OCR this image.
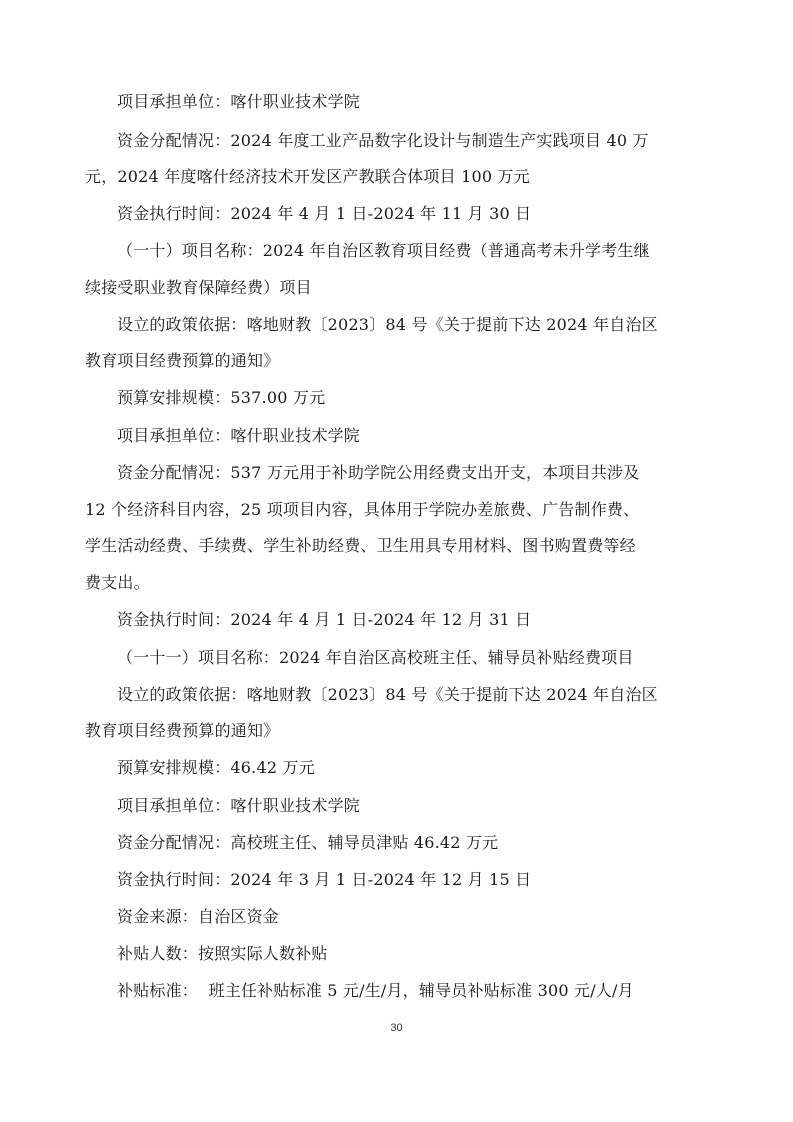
项目承担单位：喀什职业技术学院
资金分配情况：2024 年度工业产品数字化设计与制造生产实践项目 40 万
元，2024 年度喀什经济技术开发区产教联合体项目 100 万元
资金执行时间：2024 年 4 月 1 日-2024 年 11 月 30 日
（一十）项目名称：2024 年自治区教育项目经费（普通高考未升学考生继
续接受职业教育保障经费）项目
设立的政策依据：喀地财教〔2023〕84 号《关于提前下达 2024 年自治区
教育项目经费预算的通知》
预算安排规模：537.00 万元
项目承担单位：喀什职业技术学院
资金分配情况：537 万元用于补助学院公用经费支出开支，本项目共涉及
12 个经济科目内容，25 项项目内容，具体用于学院办差旅费、广告制作费、
学生活动经费、手续费、学生补助经费、卫生用具专用材料、图书购置费等经
费支出。
资金执行时间：2024 年 4 月 1 日-2024 年 12 月 31 日
（一十一）项目名称：2024 年自治区高校班主任、辅导员补贴经费项目
设立的政策依据：喀地财教〔2023〕84 号《关于提前下达 2024 年自治区
教育项目经费预算的通知》
预算安排规模：46.42 万元
项目承担单位：喀什职业技术学院
资金分配情况：高校班主任、辅导员津贴 46.42 万元
资金执行时间：2024 年 3 月 1 日-2024 年 12 月 15 日
资金来源：自治区资金
补贴人数：按照实际人数补贴
补贴标准：  班主任补贴标准 5 元/生/月，辅导员补贴标准 300 元/人/月
30
